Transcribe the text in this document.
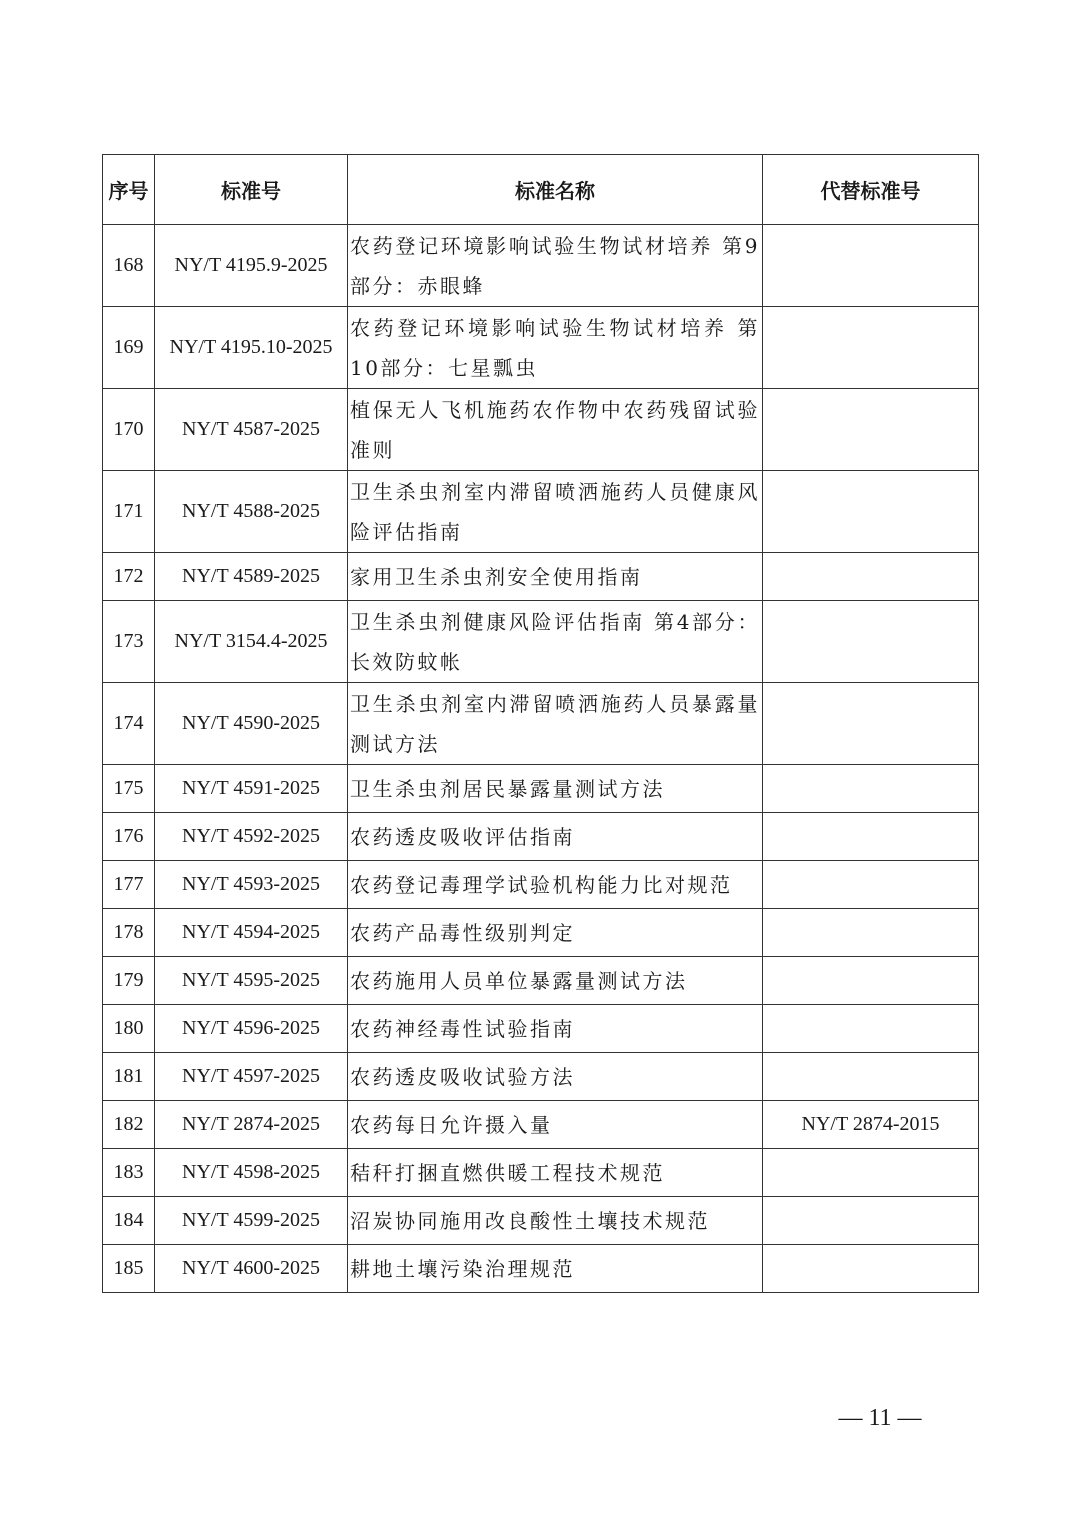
序号	标准号	标准名称	代替标准号
168	NY/T 4195.9-2025	农药登记环境影响试验生物试材培养 第9部分：赤眼蜂	
169	NY/T 4195.10-2025	农药登记环境影响试验生物试材培养 第10部分：七星瓢虫	
170	NY/T 4587-2025	植保无人飞机施药农作物中农药残留试验准则	
171	NY/T 4588-2025	卫生杀虫剂室内滞留喷洒施药人员健康风险评估指南	
172	NY/T 4589-2025	家用卫生杀虫剂安全使用指南	
173	NY/T 3154.4-2025	卫生杀虫剂健康风险评估指南 第4部分：长效防蚊帐	
174	NY/T 4590-2025	卫生杀虫剂室内滞留喷洒施药人员暴露量测试方法	
175	NY/T 4591-2025	卫生杀虫剂居民暴露量测试方法	
176	NY/T 4592-2025	农药透皮吸收评估指南	
177	NY/T 4593-2025	农药登记毒理学试验机构能力比对规范	
178	NY/T 4594-2025	农药产品毒性级别判定	
179	NY/T 4595-2025	农药施用人员单位暴露量测试方法	
180	NY/T 4596-2025	农药神经毒性试验指南	
181	NY/T 4597-2025	农药透皮吸收试验方法	
182	NY/T 2874-2025	农药每日允许摄入量	NY/T 2874-2015
183	NY/T 4598-2025	秸秆打捆直燃供暖工程技术规范	
184	NY/T 4599-2025	沼炭协同施用改良酸性土壤技术规范	
185	NY/T 4600-2025	耕地土壤污染治理规范	
— 11 —
